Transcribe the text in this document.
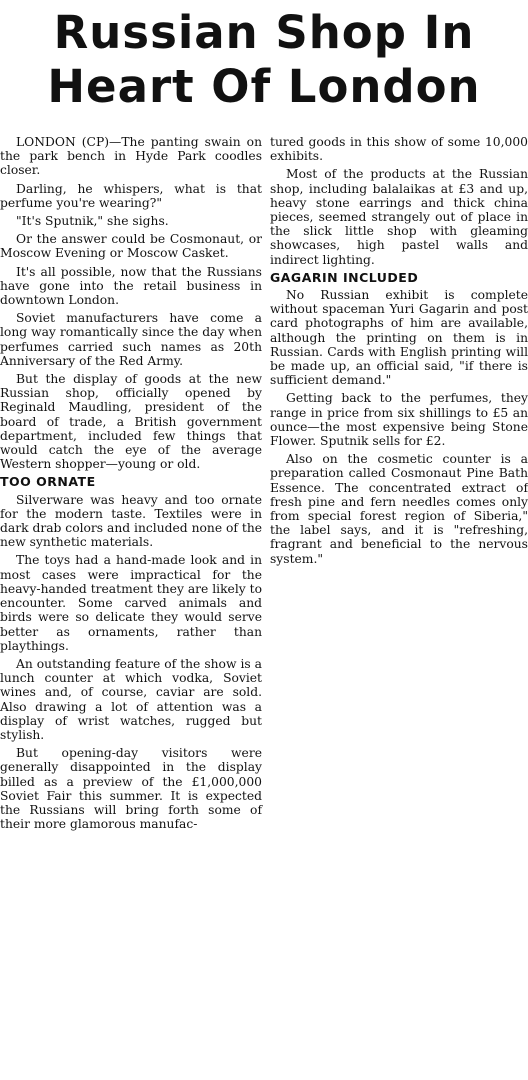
Russian Shop In
Heart Of London

LONDON (CP)—The panting swain on the park bench in Hyde Park coodles closer.

Darling, he whispers, what is that perfume you're wearing?"

"It's Sputnik," she sighs.

Or the answer could be Cosmonaut, or Moscow Evening or Moscow Casket.

It's all possible, now that the Russians have gone into the retail business in downtown London.

Soviet manufacturers have come a long way romantically since the day when perfumes carried such names as 20th Anniversary of the Red Army.

But the display of goods at the new Russian shop, officially opened by Reginald Maudling, president of the board of trade, a British government department, included few things that would catch the eye of the average Western shopper—young or old.

TOO ORNATE

Silverware was heavy and too ornate for the modern taste. Textiles were in dark drab colors and included none of the new synthetic materials.

The toys had a hand-made look and in most cases were impractical for the heavy-handed treatment they are likely to encounter. Some carved animals and birds were so delicate they would serve better as ornaments, rather than playthings.

An outstanding feature of the show is a lunch counter at which vodka, Soviet wines and, of course, caviar are sold. Also drawing a lot of attention was a display of wrist watches, rugged but stylish.

But opening-day visitors were generally disappointed in the display billed as a preview of the £1,000,000 Soviet Fair this summer. It is expected the Russians will bring forth some of their more glamorous manufac-

tured goods in this show of some 10,000 exhibits.

Most of the products at the Russian shop, including balalaikas at £3 and up, heavy stone earrings and thick china pieces, seemed strangely out of place in the slick little shop with gleaming showcases, high pastel walls and indirect lighting.

GAGARIN INCLUDED

No Russian exhibit is complete without spaceman Yuri Gagarin and post card photographs of him are available, although the printing on them is in Russian. Cards with English printing will be made up, an official said, "if there is sufficient demand."

Getting back to the perfumes, they range in price from six shillings to £5 an ounce—the most expensive being Stone Flower. Sputnik sells for £2.

Also on the cosmetic counter is a preparation called Cosmonaut Pine Bath Essence. The concentrated extract of fresh pine and fern needles comes only from special forest region of Siberia," the label says, and it is "refreshing, fragrant and beneficial to the nervous system."
